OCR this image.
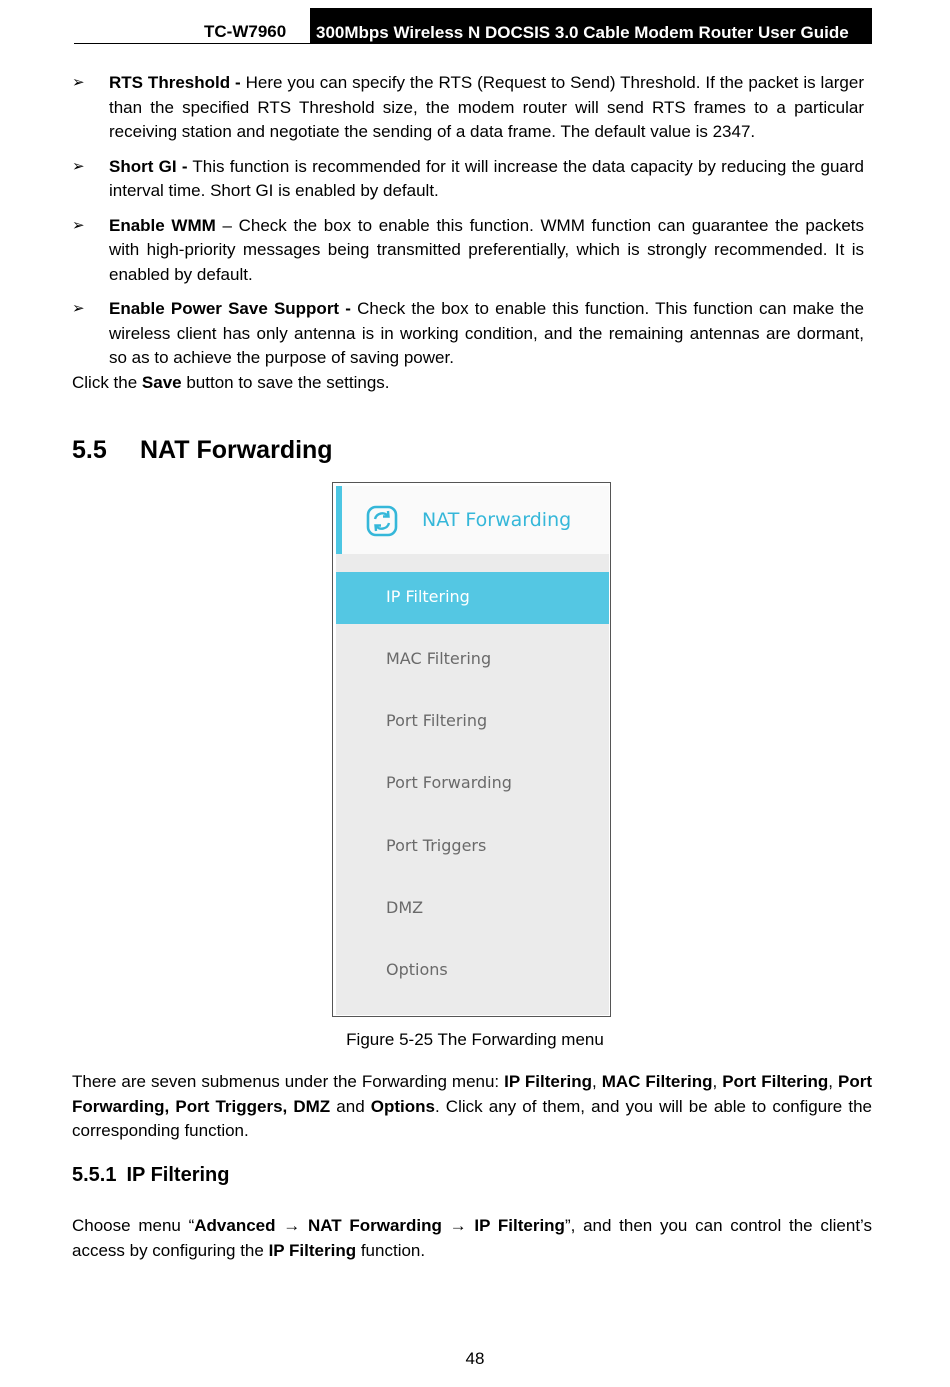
TC-W7960	300Mbps Wireless N DOCSIS 3.0 Cable Modem Router User Guide
➢ RTS Threshold - Here you can specify the RTS (Request to Send) Threshold. If the packet is larger than the specified RTS Threshold size, the modem router will send RTS frames to a particular receiving station and negotiate the sending of a data frame. The default value is 2347.
➢ Short GI - This function is recommended for it will increase the data capacity by reducing the guard interval time. Short GI is enabled by default.
➢ Enable WMM – Check the box to enable this function. WMM function can guarantee the packets with high-priority messages being transmitted preferentially, which is strongly recommended. It is enabled by default.
➢ Enable Power Save Support - Check the box to enable this function. This function can make the wireless client has only antenna is in working condition, and the remaining antennas are dormant, so as to achieve the purpose of saving power.
Click the Save button to save the settings.
5.5 NAT Forwarding
NAT Forwarding
IP Filtering
MAC Filtering
Port Filtering
Port Forwarding
Port Triggers
DMZ
Options
Figure 5-25 The Forwarding menu
There are seven submenus under the Forwarding menu: IP Filtering, MAC Filtering, Port Filtering, Port Forwarding, Port Triggers, DMZ and Options. Click any of them, and you will be able to configure the corresponding function.
5.5.1 IP Filtering
Choose menu “Advanced → NAT Forwarding → IP Filtering”, and then you can control the client’s access by configuring the IP Filtering function.
48
